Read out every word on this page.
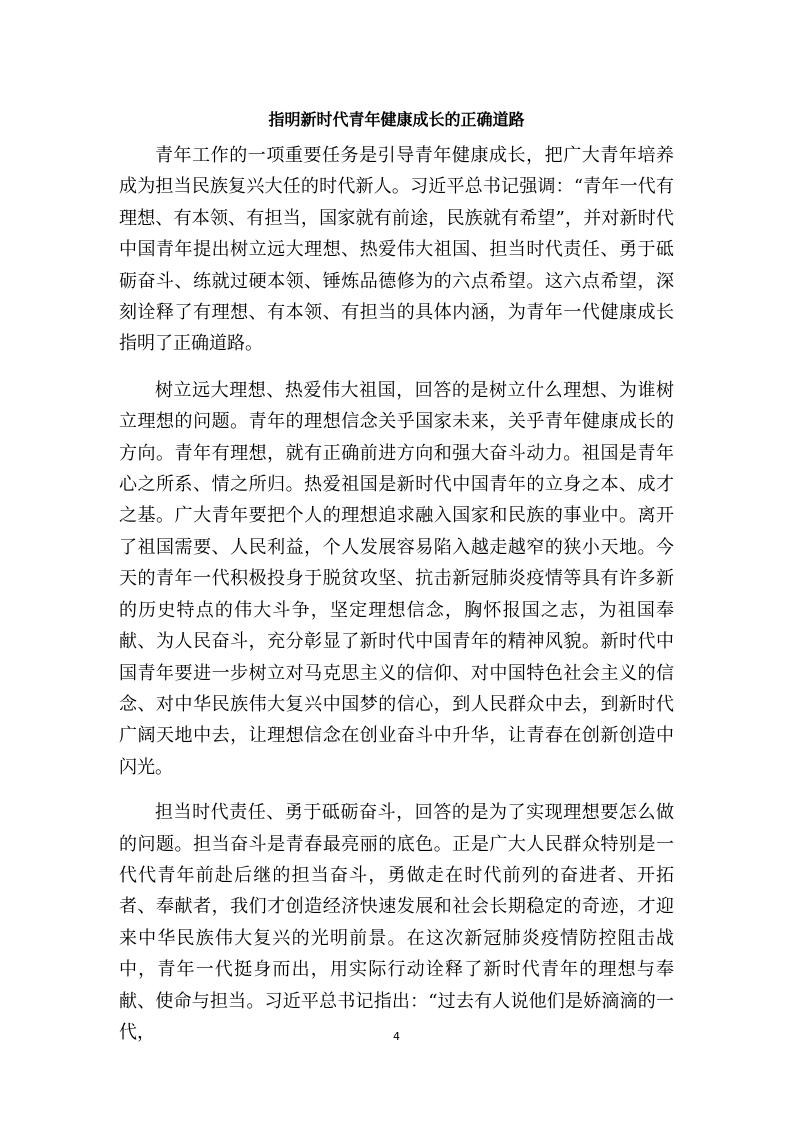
指明新时代青年健康成长的正确道路

青年工作的一项重要任务是引导青年健康成长，把广大青年培养成为担当民族复兴大任的时代新人。习近平总书记强调：“青年一代有理想、有本领、有担当，国家就有前途，民族就有希望”，并对新时代中国青年提出树立远大理想、热爱伟大祖国、担当时代责任、勇于砥砺奋斗、练就过硬本领、锤炼品德修为的六点希望。这六点希望，深刻诠释了有理想、有本领、有担当的具体内涵，为青年一代健康成长指明了正确道路。

树立远大理想、热爱伟大祖国，回答的是树立什么理想、为谁树立理想的问题。青年的理想信念关乎国家未来，关乎青年健康成长的方向。青年有理想，就有正确前进方向和强大奋斗动力。祖国是青年心之所系、情之所归。热爱祖国是新时代中国青年的立身之本、成才之基。广大青年要把个人的理想追求融入国家和民族的事业中。离开了祖国需要、人民利益，个人发展容易陷入越走越窄的狭小天地。今天的青年一代积极投身于脱贫攻坚、抗击新冠肺炎疫情等具有许多新的历史特点的伟大斗争，坚定理想信念，胸怀报国之志，为祖国奉献、为人民奋斗，充分彰显了新时代中国青年的精神风貌。新时代中国青年要进一步树立对马克思主义的信仰、对中国特色社会主义的信念、对中华民族伟大复兴中国梦的信心，到人民群众中去，到新时代广阔天地中去，让理想信念在创业奋斗中升华，让青春在创新创造中闪光。

担当时代责任、勇于砥砺奋斗，回答的是为了实现理想要怎么做的问题。担当奋斗是青春最亮丽的底色。正是广大人民群众特别是一代代青年前赴后继的担当奋斗，勇做走在时代前列的奋进者、开拓者、奉献者，我们才创造经济快速发展和社会长期稳定的奇迹，才迎来中华民族伟大复兴的光明前景。在这次新冠肺炎疫情防控阻击战中，青年一代挺身而出，用实际行动诠释了新时代青年的理想与奉献、使命与担当。习近平总书记指出：“过去有人说他们是娇滴滴的一代，	4
